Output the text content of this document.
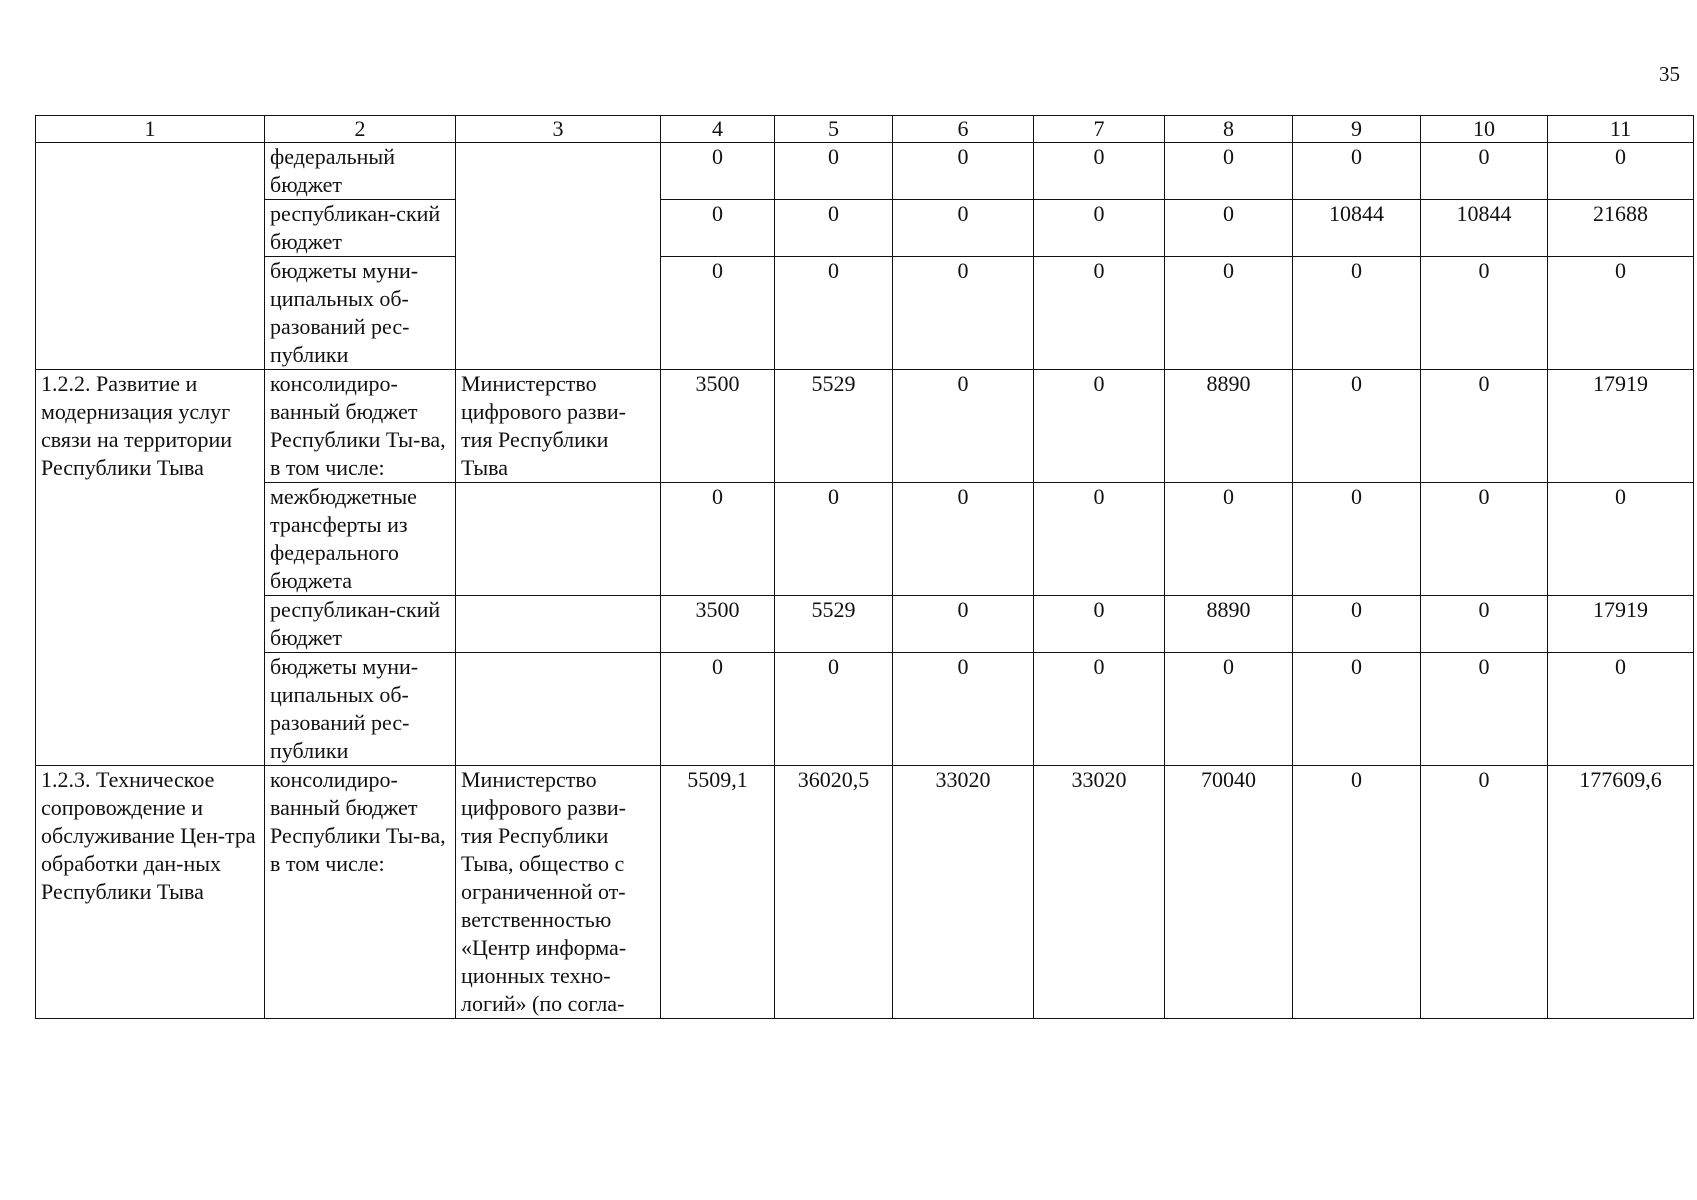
35
1	2	3	4	5	6	7	8	9	10	11
	федеральный бюджет		0	0	0	0	0	0	0	0
	республикан-ский бюджет		0	0	0	0	0	10844	10844	21688
	бюджеты муни-ципальных об-разований рес-публики		0	0	0	0	0	0	0	0
1.2.2. Развитие и модернизация услуг связи на территории Республики Тыва	консолидиро-ванный бюджет Республики Ты-ва, в том числе:	Министерство цифрового разви-тия Республики Тыва	3500	5529	0	0	8890	0	0	17919
	межбюджетные трансферты из федерального бюджета		0	0	0	0	0	0	0	0
	республикан-ский бюджет		3500	5529	0	0	8890	0	0	17919
	бюджеты муни-ципальных об-разований рес-публики		0	0	0	0	0	0	0	0
1.2.3. Техническое сопровождение и обслуживание Цен-тра обработки дан-ных Республики Тыва	консолидиро-ванный бюджет Республики Ты-ва, в том числе:	Министерство цифрового разви-тия Республики Тыва, общество с ограниченной от-ветственностью «Центр информа-ционных техно-логий» (по согла-	5509,1	36020,5	33020	33020	70040	0	0	177609,6
